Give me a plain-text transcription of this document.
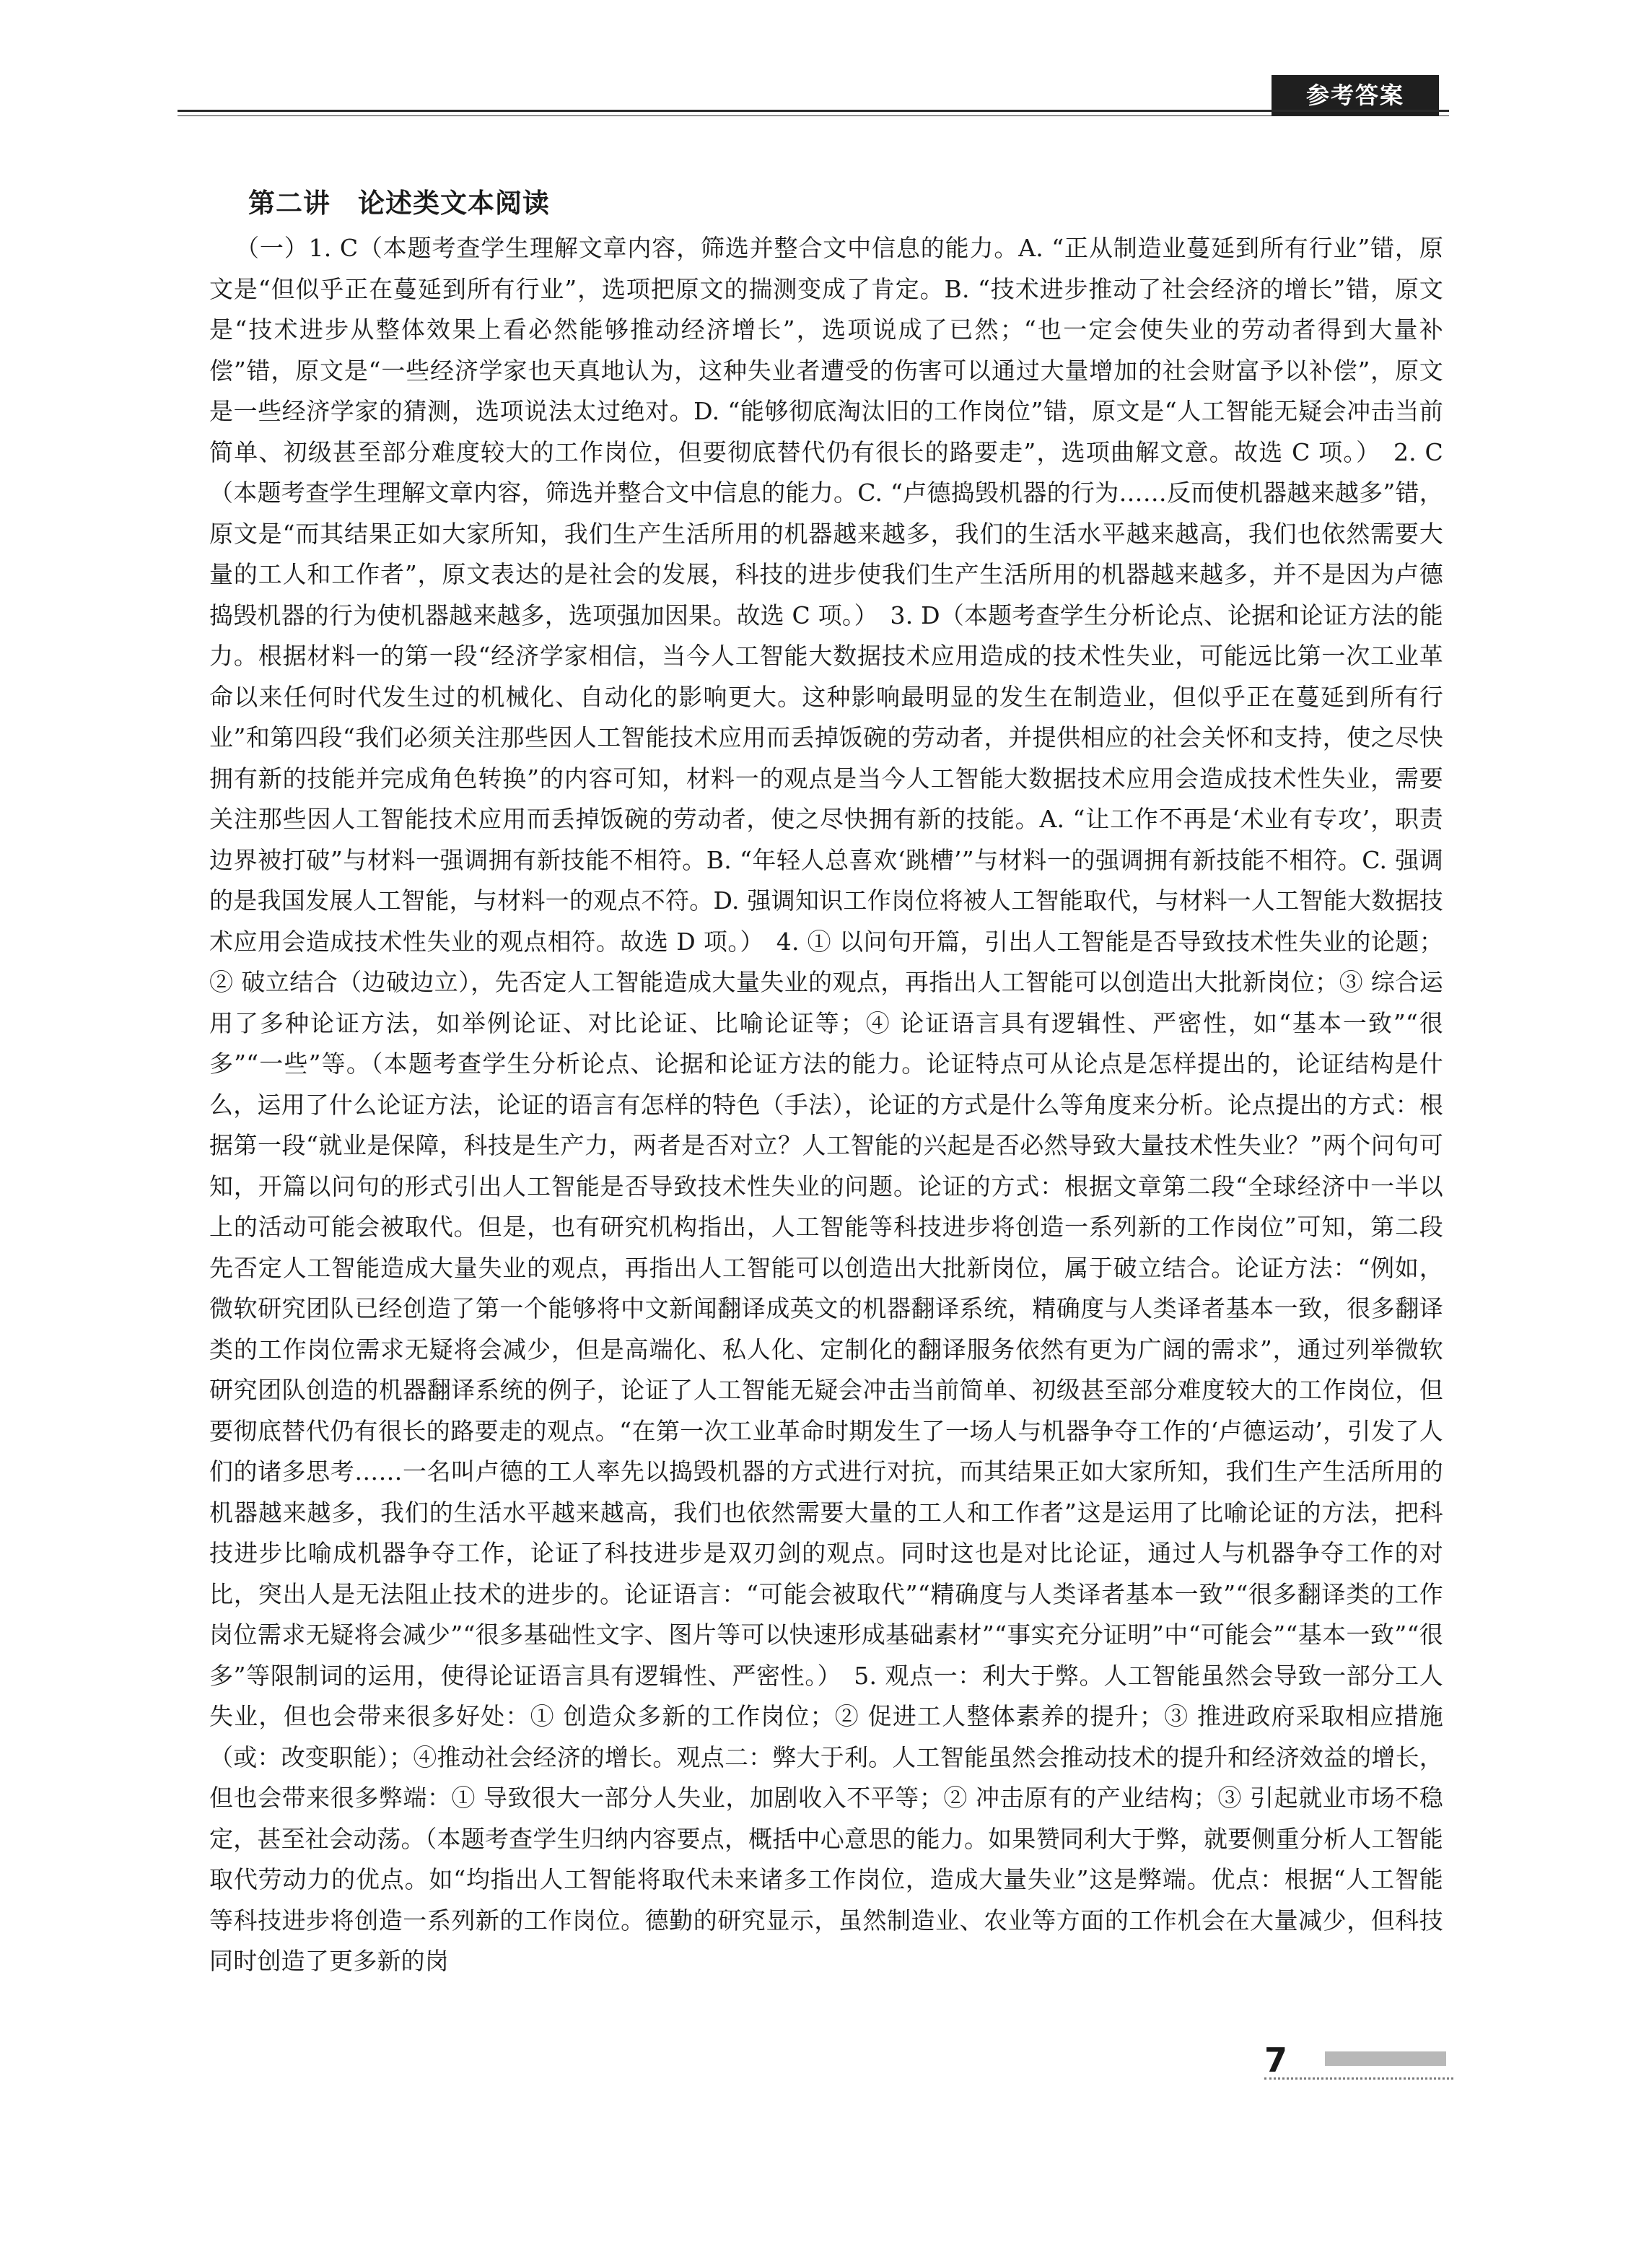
参考答案
第二讲　论述类文本阅读

（一）1. C（本题考查学生理解文章内容，筛选并整合文中信息的能力。A. “正从制造业蔓延到所有行业”错，原文是“但似乎正在蔓延到所有行业”，选项把原文的揣测变成了肯定。B. “技术进步推动了社会经济的增长”错，原文是“技术进步从整体效果上看必然能够推动经济增长”，选项说成了已然；“也一定会使失业的劳动者得到大量补偿”错，原文是“一些经济学家也天真地认为，这种失业者遭受的伤害可以通过大量增加的社会财富予以补偿”，原文是一些经济学家的猜测，选项说法太过绝对。D. “能够彻底淘汰旧的工作岗位”错，原文是“人工智能无疑会冲击当前简单、初级甚至部分难度较大的工作岗位，但要彻底替代仍有很长的路要走”，选项曲解文意。故选 C 项。）　2. C（本题考查学生理解文章内容，筛选并整合文中信息的能力。C. “卢德捣毁机器的行为……反而使机器越来越多”错，原文是“而其结果正如大家所知，我们生产生活所用的机器越来越多，我们的生活水平越来越高，我们也依然需要大量的工人和工作者”，原文表达的是社会的发展，科技的进步使我们生产生活所用的机器越来越多，并不是因为卢德捣毁机器的行为使机器越来越多，选项强加因果。故选 C 项。）　3. D（本题考查学生分析论点、论据和论证方法的能力。根据材料一的第一段“经济学家相信，当今人工智能大数据技术应用造成的技术性失业，可能远比第一次工业革命以来任何时代发生过的机械化、自动化的影响更大。这种影响最明显的发生在制造业，但似乎正在蔓延到所有行业”和第四段“我们必须关注那些因人工智能技术应用而丢掉饭碗的劳动者，并提供相应的社会关怀和支持，使之尽快拥有新的技能并完成角色转换”的内容可知，材料一的观点是当今人工智能大数据技术应用会造成技术性失业，需要关注那些因人工智能技术应用而丢掉饭碗的劳动者，使之尽快拥有新的技能。A. “让工作不再是‘术业有专攻’，职责边界被打破”与材料一强调拥有新技能不相符。B. “年轻人总喜欢‘跳槽’”与材料一的强调拥有新技能不相符。C. 强调的是我国发展人工智能，与材料一的观点不符。D. 强调知识工作岗位将被人工智能取代，与材料一人工智能大数据技术应用会造成技术性失业的观点相符。故选 D 项。）　4. ① 以问句开篇，引出人工智能是否导致技术性失业的论题；② 破立结合（边破边立），先否定人工智能造成大量失业的观点，再指出人工智能可以创造出大批新岗位；③ 综合运用了多种论证方法，如举例论证、对比论证、比喻论证等；④ 论证语言具有逻辑性、严密性，如“基本一致”“很多”“一些”等。（本题考查学生分析论点、论据和论证方法的能力。论证特点可从论点是怎样提出的，论证结构是什么，运用了什么论证方法，论证的语言有怎样的特色（手法），论证的方式是什么等角度来分析。论点提出的方式：根据第一段“就业是保障，科技是生产力，两者是否对立？人工智能的兴起是否必然导致大量技术性失业？”两个问句可知，开篇以问句的形式引出人工智能是否导致技术性失业的问题。论证的方式：根据文章第二段“全球经济中一半以上的活动可能会被取代。但是，也有研究机构指出，人工智能等科技进步将创造一系列新的工作岗位”可知，第二段先否定人工智能造成大量失业的观点，再指出人工智能可以创造出大批新岗位，属于破立结合。论证方法：“例如，微软研究团队已经创造了第一个能够将中文新闻翻译成英文的机器翻译系统，精确度与人类译者基本一致，很多翻译类的工作岗位需求无疑将会减少，但是高端化、私人化、定制化的翻译服务依然有更为广阔的需求”，通过列举微软研究团队创造的机器翻译系统的例子，论证了人工智能无疑会冲击当前简单、初级甚至部分难度较大的工作岗位，但要彻底替代仍有很长的路要走的观点。“在第一次工业革命时期发生了一场人与机器争夺工作的‘卢德运动’，引发了人们的诸多思考……一名叫卢德的工人率先以捣毁机器的方式进行对抗，而其结果正如大家所知，我们生产生活所用的机器越来越多，我们的生活水平越来越高，我们也依然需要大量的工人和工作者”这是运用了比喻论证的方法，把科技进步比喻成机器争夺工作，论证了科技进步是双刃剑的观点。同时这也是对比论证，通过人与机器争夺工作的对比，突出人是无法阻止技术的进步的。论证语言：“可能会被取代”“精确度与人类译者基本一致”“很多翻译类的工作岗位需求无疑将会减少”“很多基础性文字、图片等可以快速形成基础素材”“事实充分证明”中“可能会”“基本一致”“很多”等限制词的运用，使得论证语言具有逻辑性、严密性。）　5. 观点一：利大于弊。人工智能虽然会导致一部分工人失业，但也会带来很多好处：① 创造众多新的工作岗位；② 促进工人整体素养的提升；③ 推进政府采取相应措施（或：改变职能）；④推动社会经济的增长。观点二：弊大于利。人工智能虽然会推动技术的提升和经济效益的增长，但也会带来很多弊端：① 导致很大一部分人失业，加剧收入不平等；② 冲击原有的产业结构；③ 引起就业市场不稳定，甚至社会动荡。（本题考查学生归纳内容要点，概括中心意思的能力。如果赞同利大于弊，就要侧重分析人工智能取代劳动力的优点。如“均指出人工智能将取代未来诸多工作岗位，造成大量失业”这是弊端。优点：根据“人工智能等科技进步将创造一系列新的工作岗位。德勤的研究显示，虽然制造业、农业等方面的工作机会在大量减少，但科技同时创造了更多新的岗

7
